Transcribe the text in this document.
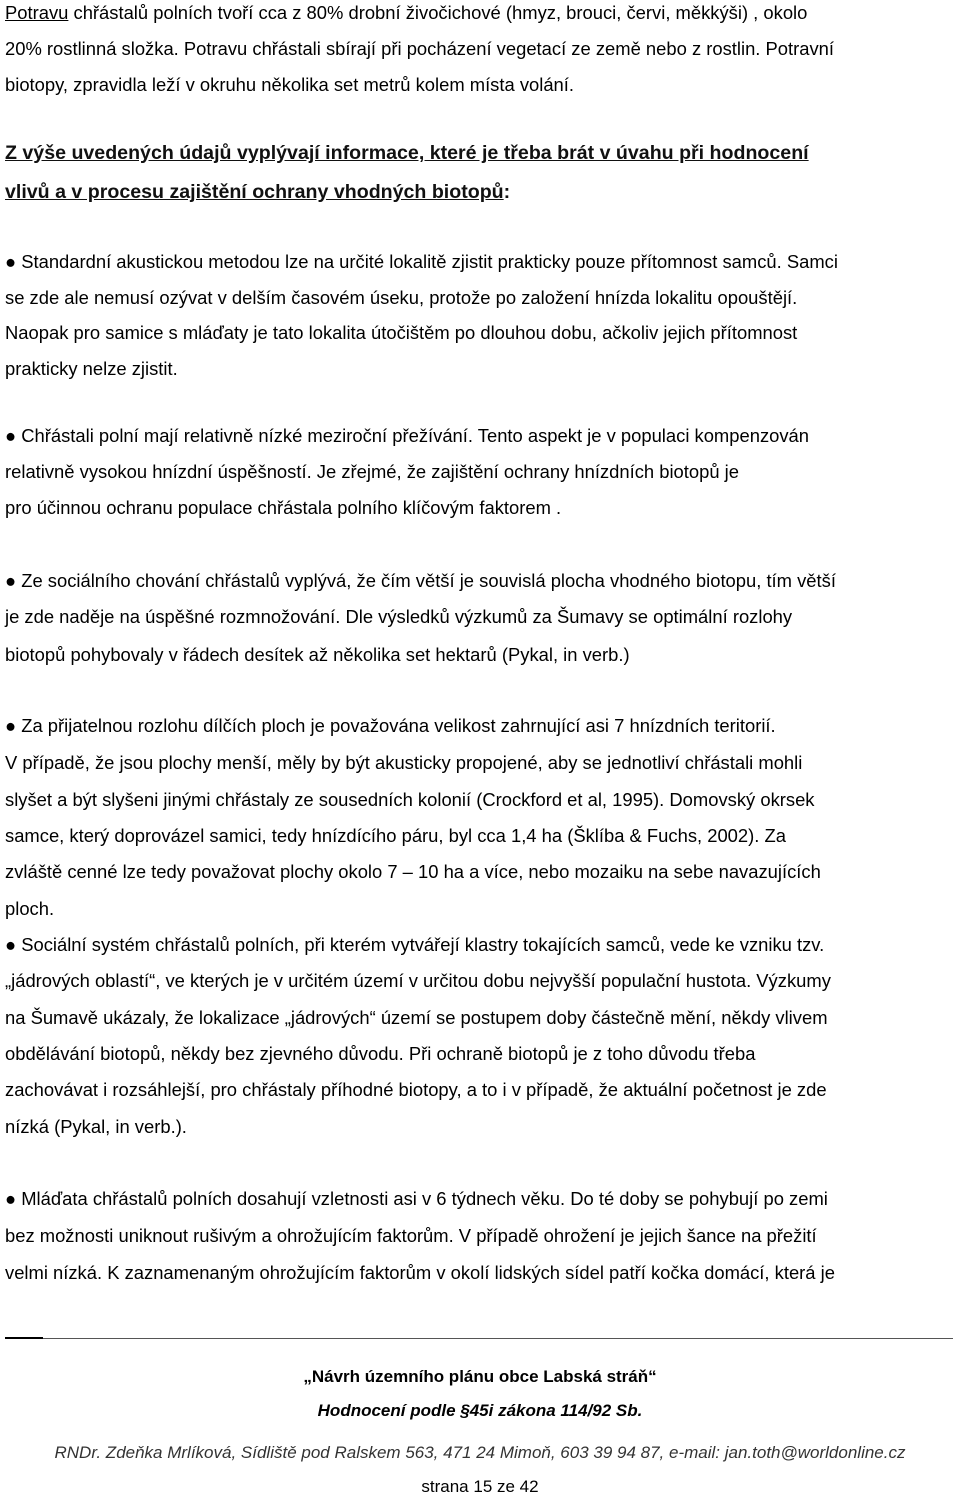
Potravu chřástalů polních tvoří cca z 80% drobní živočichové (hmyz, brouci, červi, měkkýši) , okolo
20% rostlinná složka. Potravu chřástali sbírají při pocházení vegetací ze země nebo z rostlin. Potravní
biotopy, zpravidla leží v okruhu několika set metrů kolem místa volání.
Z výše uvedených údajů vyplývají informace, které je třeba brát v úvahu při hodnocení
vlivů a v procesu zajištění ochrany vhodných biotopů:
● Standardní akustickou metodou lze na určité lokalitě zjistit prakticky pouze přítomnost samců. Samci
se zde ale nemusí ozývat v delším časovém úseku, protože po založení hnízda lokalitu opouštějí.
Naopak pro samice s mláďaty je tato lokalita útočištěm po dlouhou dobu, ačkoliv jejich přítomnost
prakticky nelze zjistit.
● Chřástali polní mají relativně nízké meziroční přežívání. Tento aspekt je v populaci kompenzován
relativně vysokou hnízdní úspěšností. Je zřejmé, že zajištění ochrany hnízdních biotopů je
pro účinnou ochranu populace chřástala polního klíčovým faktorem .
● Ze sociálního chování chřástalů vyplývá, že čím větší je souvislá plocha vhodného biotopu, tím větší
je zde naděje na úspěšné rozmnožování. Dle výsledků výzkumů za Šumavy se optimální rozlohy
biotopů pohybovaly v řádech desítek až několika set hektarů (Pykal, in verb.)
● Za přijatelnou rozlohu dílčích ploch je považována velikost zahrnující asi 7 hnízdních teritorií.
V případě, že jsou plochy menší, měly by být akusticky propojené, aby se jednotliví chřástali mohli
slyšet a být slyšeni jinými chřástaly ze sousedních kolonií (Crockford et al, 1995). Domovský okrsek
samce, který doprovázel samici, tedy hnízdícího páru, byl cca 1,4 ha (Šklíba & Fuchs, 2002). Za
zvláště cenné lze tedy považovat plochy okolo 7 – 10 ha a více, nebo mozaiku na sebe navazujících
ploch.
● Sociální systém chřástalů polních, při kterém vytvářejí klastry tokajících samců, vede ke vzniku tzv.
„jádrových oblastí“, ve kterých je v určitém území v určitou dobu nejvyšší populační hustota. Výzkumy
na Šumavě ukázaly, že lokalizace „jádrových“ území se postupem doby částečně mění, někdy vlivem
obdělávání biotopů, někdy bez zjevného důvodu. Při ochraně biotopů je z toho důvodu třeba
zachovávat i rozsáhlejší, pro chřástaly příhodné biotopy, a to i v případě, že aktuální početnost je zde
nízká (Pykal, in verb.).
● Mláďata chřástalů polních dosahují vzletnosti asi v 6 týdnech věku. Do té doby se pohybují po zemi
bez možnosti uniknout rušivým a ohrožujícím faktorům. V případě ohrožení je jejich šance na přežití
velmi nízká. K zaznamenaným ohrožujícím faktorům v okolí lidských sídel patří kočka domácí, která je
„Návrh územního plánu obce Labská stráň“
Hodnocení podle §45i zákona 114/92 Sb.
RNDr. Zdeňka Mrlíková, Sídliště pod Ralskem 563, 471 24 Mimoň, 603 39 94 87, e-mail: jan.toth@worldonline.cz
strana 15 ze 42
